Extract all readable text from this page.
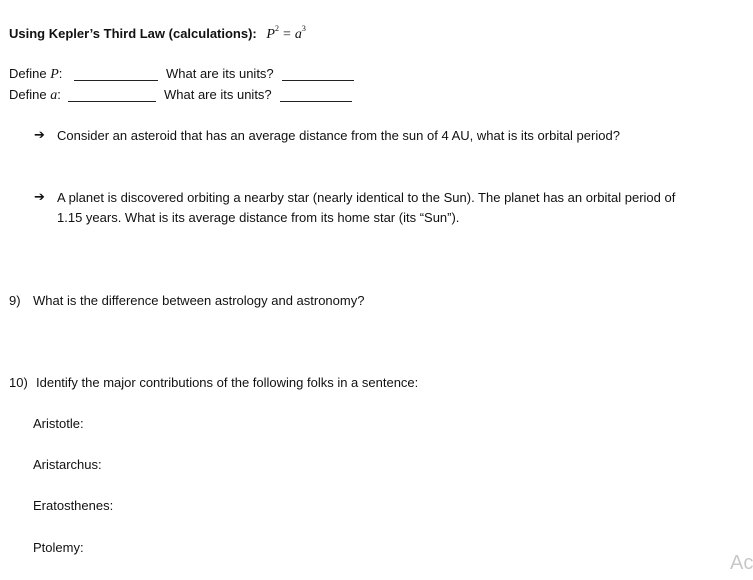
Using Kepler’s Third Law (calculations): $P^2 = a^3$
Define P:	What are its units?
Define a:	What are its units?
➔ Consider an asteroid that has an average distance from the sun of 4 AU, what is its orbital period?
➔ A planet is discovered orbiting a nearby star (nearly identical to the Sun). The planet has an orbital period of
1.15 years. What is its average distance from its home star (its “Sun”).
9) What is the difference between astrology and astronomy?
10) Identify the major contributions of the following folks in a sentence:
Aristotle:
Aristarchus:
Eratosthenes:
Ptolemy:
Ac
